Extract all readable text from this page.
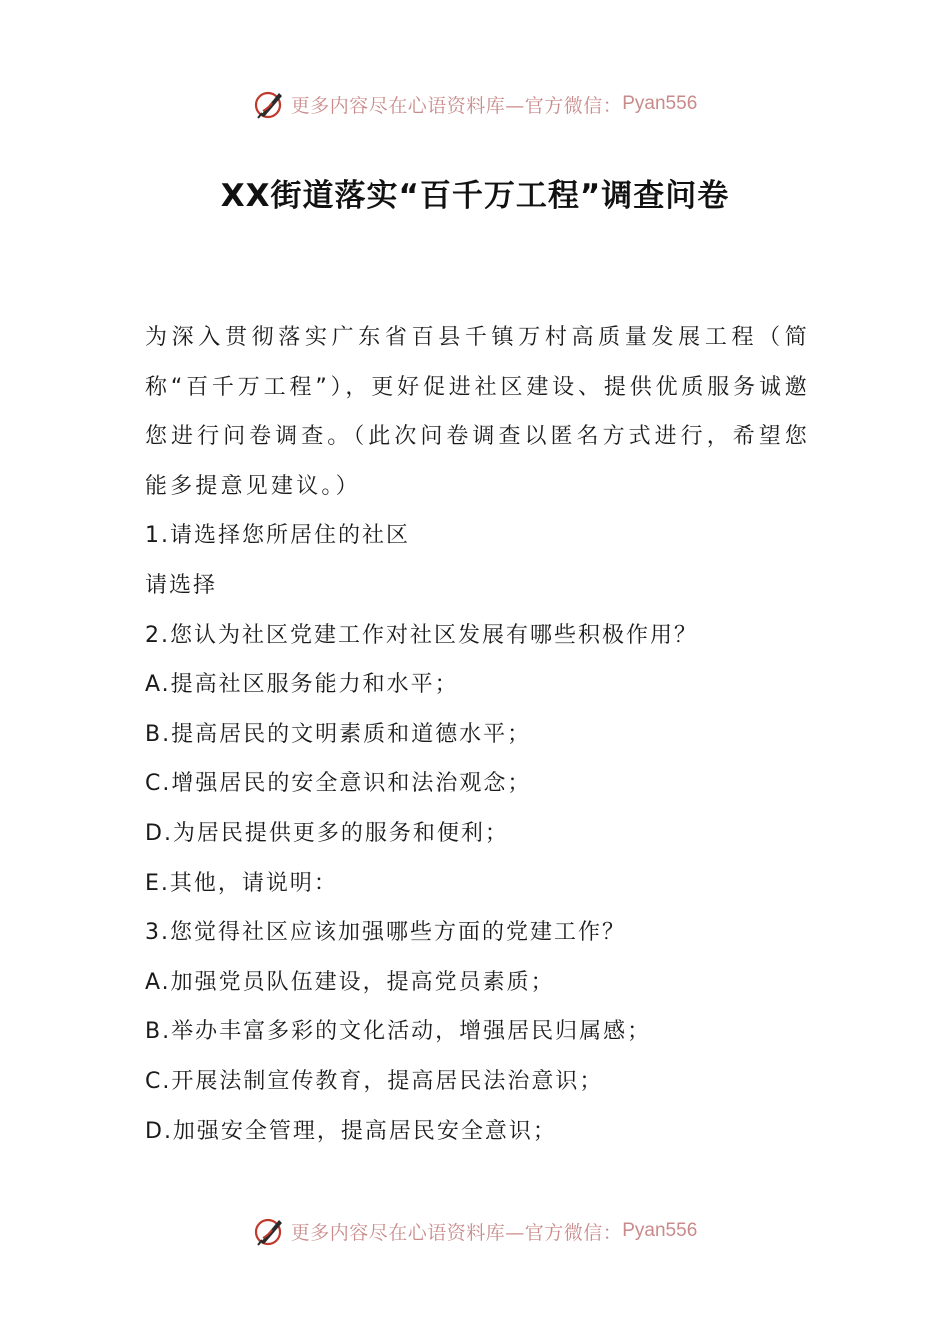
更多内容尽在心语资料库—官方微信： Pyan556
XX街道落实“百千万工程”调查问卷

为深入贯彻落实广东省百县千镇万村高质量发展工程（简称“百千万工程”），更好促进社区建设、提供优质服务诚邀您进行问卷调查。（此次问卷调查以匿名方式进行，希望您能多提意见建议。）

1.请选择您所居住的社区

请选择

2.您认为社区党建工作对社区发展有哪些积极作用？

A.提高社区服务能力和水平；

B.提高居民的文明素质和道德水平；

C.增强居民的安全意识和法治观念；

D.为居民提供更多的服务和便利；

E.其他，请说明：

3.您觉得社区应该加强哪些方面的党建工作？

A.加强党员队伍建设，提高党员素质；

B.举办丰富多彩的文化活动，增强居民归属感；

C.开展法制宣传教育，提高居民法治意识；

D.加强安全管理，提高居民安全意识；

更多内容尽在心语资料库—官方微信： Pyan556
